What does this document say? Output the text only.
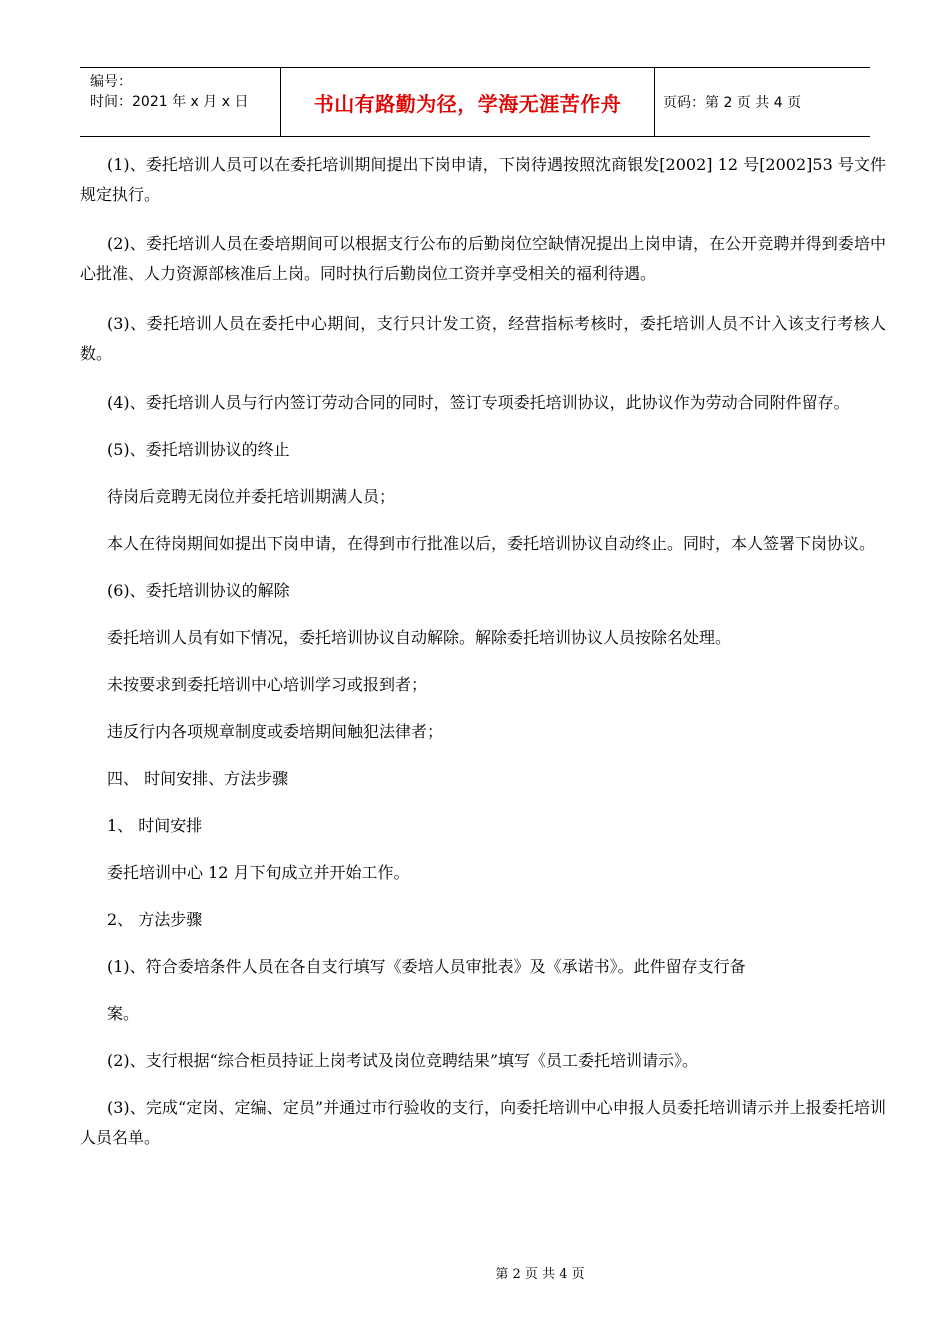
编号：
时间：2021 年 x 月 x 日	书山有路勤为径，学海无涯苦作舟	页码：第 2 页 共 4 页

(1)、委托培训人员可以在委托培训期间提出下岗申请，下岗待遇按照沈商银发[2002] 12 号[2002]53 号文件规定执行。

(2)、委托培训人员在委培期间可以根据支行公布的后勤岗位空缺情况提出上岗申请，在公开竞聘并得到委培中心批准、人力资源部核准后上岗。同时执行后勤岗位工资并享受相关的福利待遇。

(3)、委托培训人员在委托中心期间，支行只计发工资，经营指标考核时，委托培训人员不计入该支行考核人数。

(4)、委托培训人员与行内签订劳动合同的同时，签订专项委托培训协议，此协议作为劳动合同附件留存。

(5)、委托培训协议的终止

待岗后竞聘无岗位并委托培训期满人员；

本人在待岗期间如提出下岗申请，在得到市行批准以后，委托培训协议自动终止。同时，本人签署下岗协议。

(6)、委托培训协议的解除

委托培训人员有如下情况，委托培训协议自动解除。解除委托培训协议人员按除名处理。

未按要求到委托培训中心培训学习或报到者；

违反行内各项规章制度或委培期间触犯法律者；

四、 时间安排、方法步骤

1、 时间安排

委托培训中心 12 月下旬成立并开始工作。

2、 方法步骤

(1)、符合委培条件人员在各自支行填写《委培人员审批表》及《承诺书》。此件留存支行备

案。

(2)、支行根据“综合柜员持证上岗考试及岗位竞聘结果”填写《员工委托培训请示》。

(3)、完成“定岗、定编、定员”并通过市行验收的支行，向委托培训中心申报人员委托培训请示并上报委托培训人员名单。

第 2 页 共 4 页
